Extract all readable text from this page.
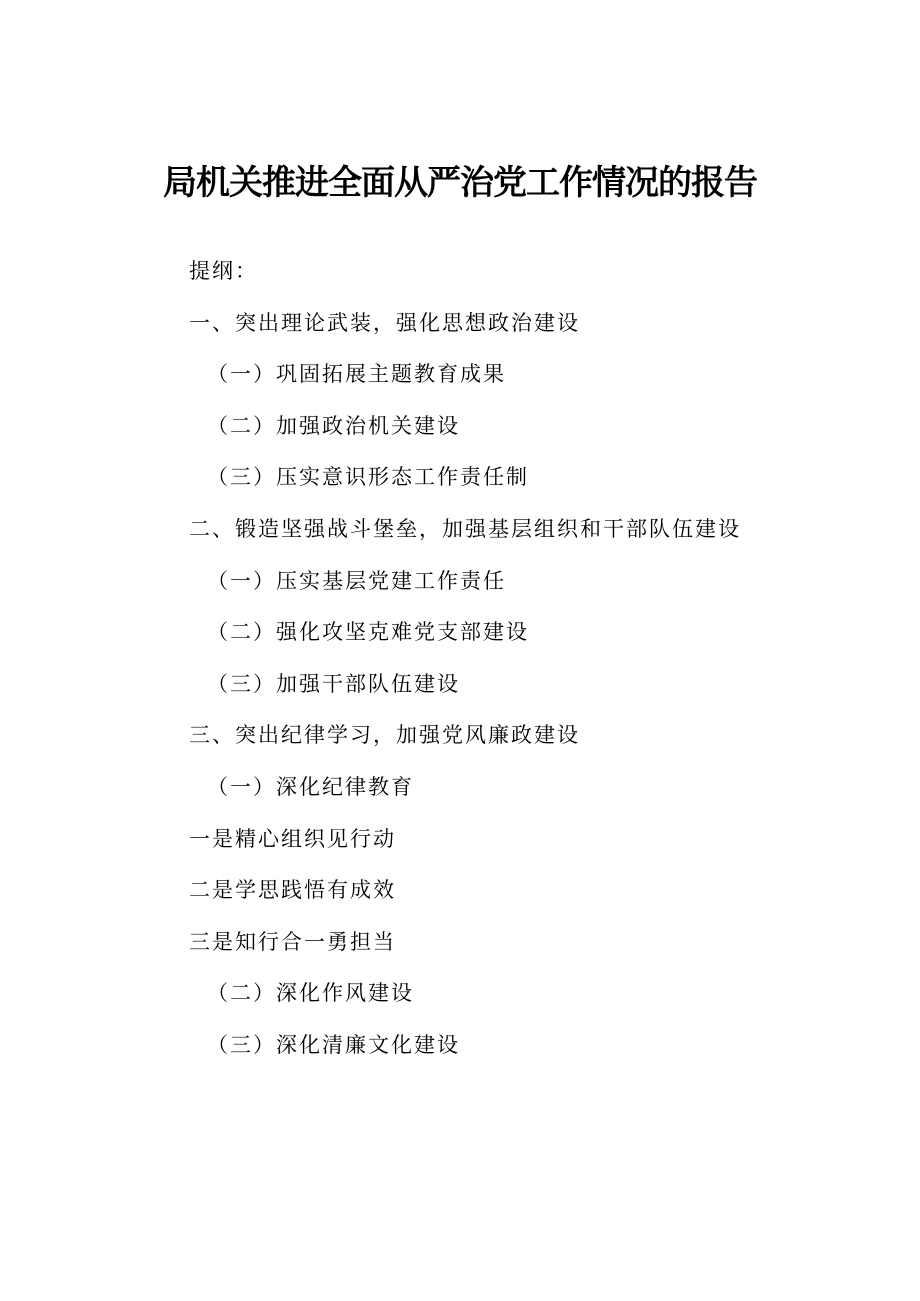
局机关推进全面从严治党工作情况的报告
提纲：
一、突出理论武装，强化思想政治建设
（一）巩固拓展主题教育成果
（二）加强政治机关建设
（三）压实意识形态工作责任制
二、锻造坚强战斗堡垒，加强基层组织和干部队伍建设
（一）压实基层党建工作责任
（二）强化攻坚克难党支部建设
（三）加强干部队伍建设
三、突出纪律学习，加强党风廉政建设
（一）深化纪律教育
一是精心组织见行动
二是学思践悟有成效
三是知行合一勇担当
（二）深化作风建设
（三）深化清廉文化建设
